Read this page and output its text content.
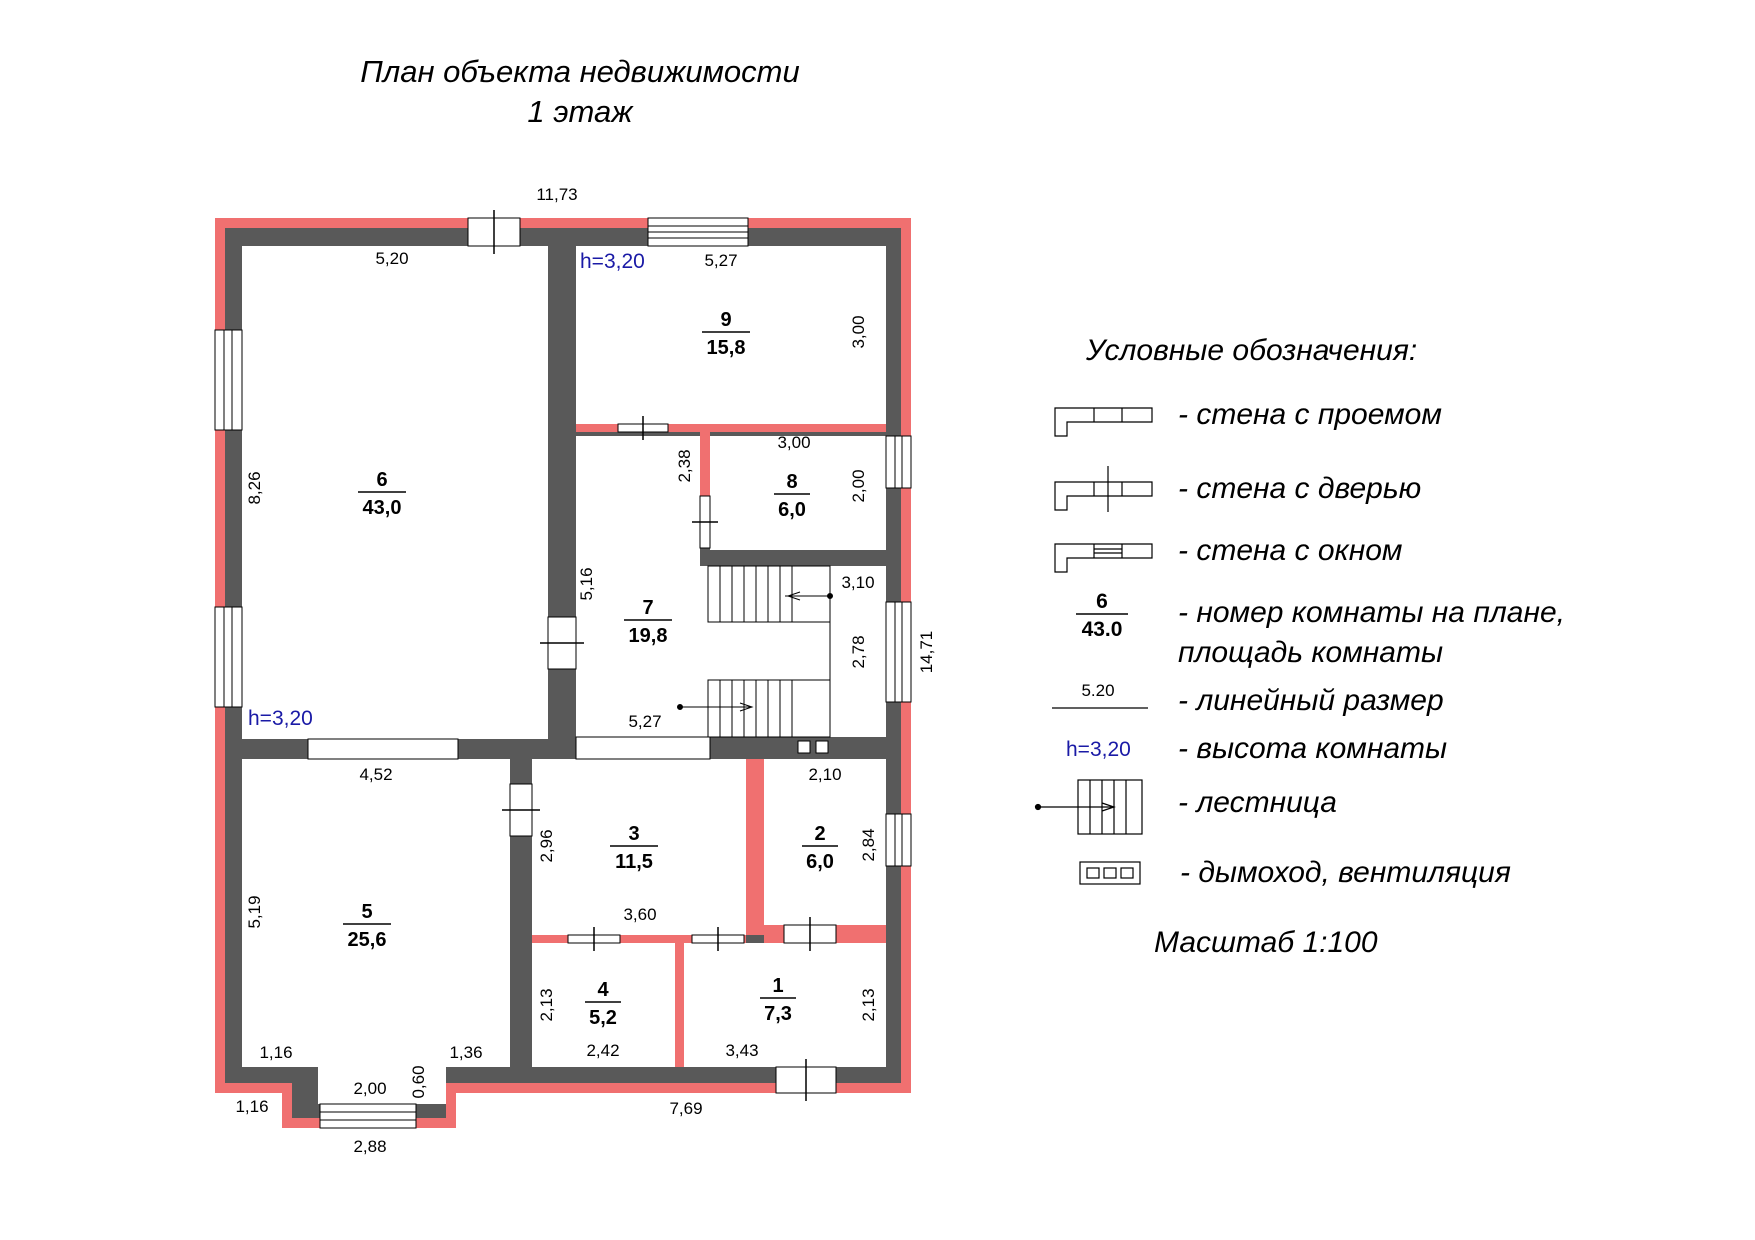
План объекта недвижимости
1 этаж
11,73
5,20	5,27
3,00
8,26
3,00
2,00
2,38
5,16	3,10
2,78	14,71
5,27
4,52
5,19
2,96
3,60
2,10
2,84
2,13
2,42	3,43
2,13
1,16	1,36
2,00 0,60
1,16
2,88
7,69
h=3,20
h=3,20
6
43,0
9
15,8
8
6,0
7
19,8
5
25,6
3
11,5
2
6,0
4
5,2
1
7,3
Условные обозначения:
- стена с проемом
- стена с дверью
- стена с окном
6
43.0
- номер комнаты на плане,
площадь комнаты
5.20 - линейный размер
h=3,20 - высота комнаты
- лестница
- дымоход, вентиляция
Масштаб 1:100
